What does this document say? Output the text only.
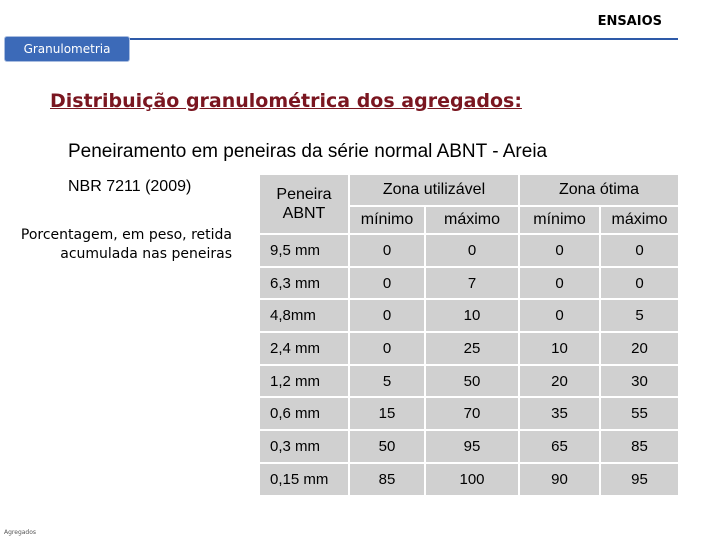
ENSAIOS
Granulometria
Distribuição granulométrica dos agregados:
Peneiramento em peneiras da série normal ABNT - Areia
NBR 7211 (2009)
Porcentagem, em peso, retida acumulada nas peneiras
Peneira ABNT	Zona utilizável		Zona ótima	
	mínimo	máximo	mínimo	máximo
9,5 mm	0	0	0	0
6,3 mm	0	7	0	0
4,8mm	0	10	0	5
2,4 mm	0	25	10	20
1,2 mm	5	50	20	30
0,6 mm	15	70	35	55
0,3 mm	50	95	65	85
0,15 mm	85	100	90	95
Agregados
